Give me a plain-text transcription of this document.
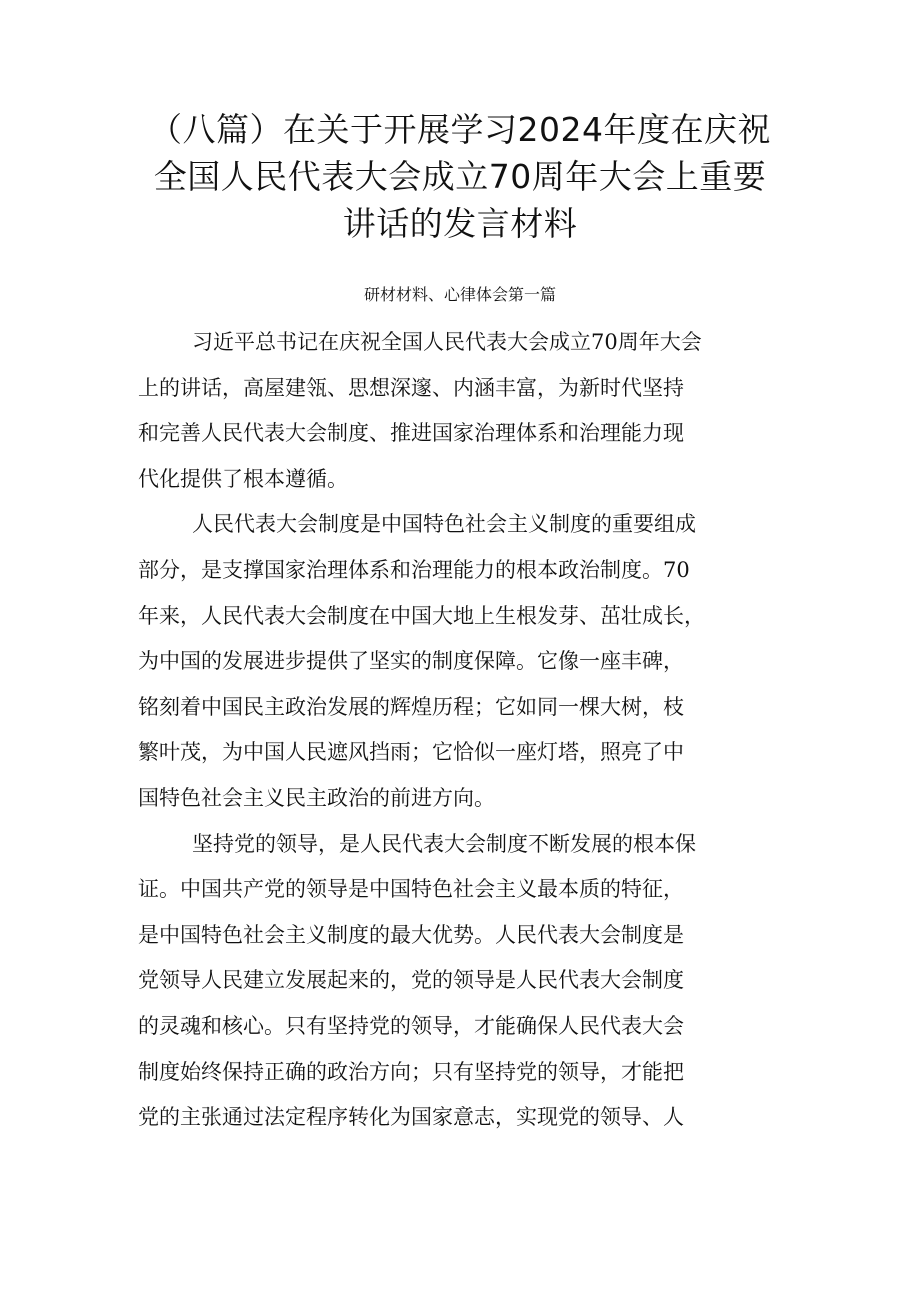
（八篇）在关于开展学习2024年度在庆祝
全国人民代表大会成立70周年大会上重要
讲话的发言材料
研材材料、心律体会第一篇
习近平总书记在庆祝全国人民代表大会成立70周年大会
上的讲话，高屋建瓴、思想深邃、内涵丰富，为新时代坚持
和完善人民代表大会制度、推进国家治理体系和治理能力现
代化提供了根本遵循。
人民代表大会制度是中国特色社会主义制度的重要组成
部分，是支撑国家治理体系和治理能力的根本政治制度。70
年来，人民代表大会制度在中国大地上生根发芽、茁壮成长，
为中国的发展进步提供了坚实的制度保障。它像一座丰碑，
铭刻着中国民主政治发展的辉煌历程；它如同一棵大树，枝
繁叶茂，为中国人民遮风挡雨；它恰似一座灯塔，照亮了中
国特色社会主义民主政治的前进方向。
坚持党的领导，是人民代表大会制度不断发展的根本保
证。中国共产党的领导是中国特色社会主义最本质的特征，
是中国特色社会主义制度的最大优势。人民代表大会制度是
党领导人民建立发展起来的，党的领导是人民代表大会制度
的灵魂和核心。只有坚持党的领导，才能确保人民代表大会
制度始终保持正确的政治方向；只有坚持党的领导，才能把
党的主张通过法定程序转化为国家意志，实现党的领导、人
